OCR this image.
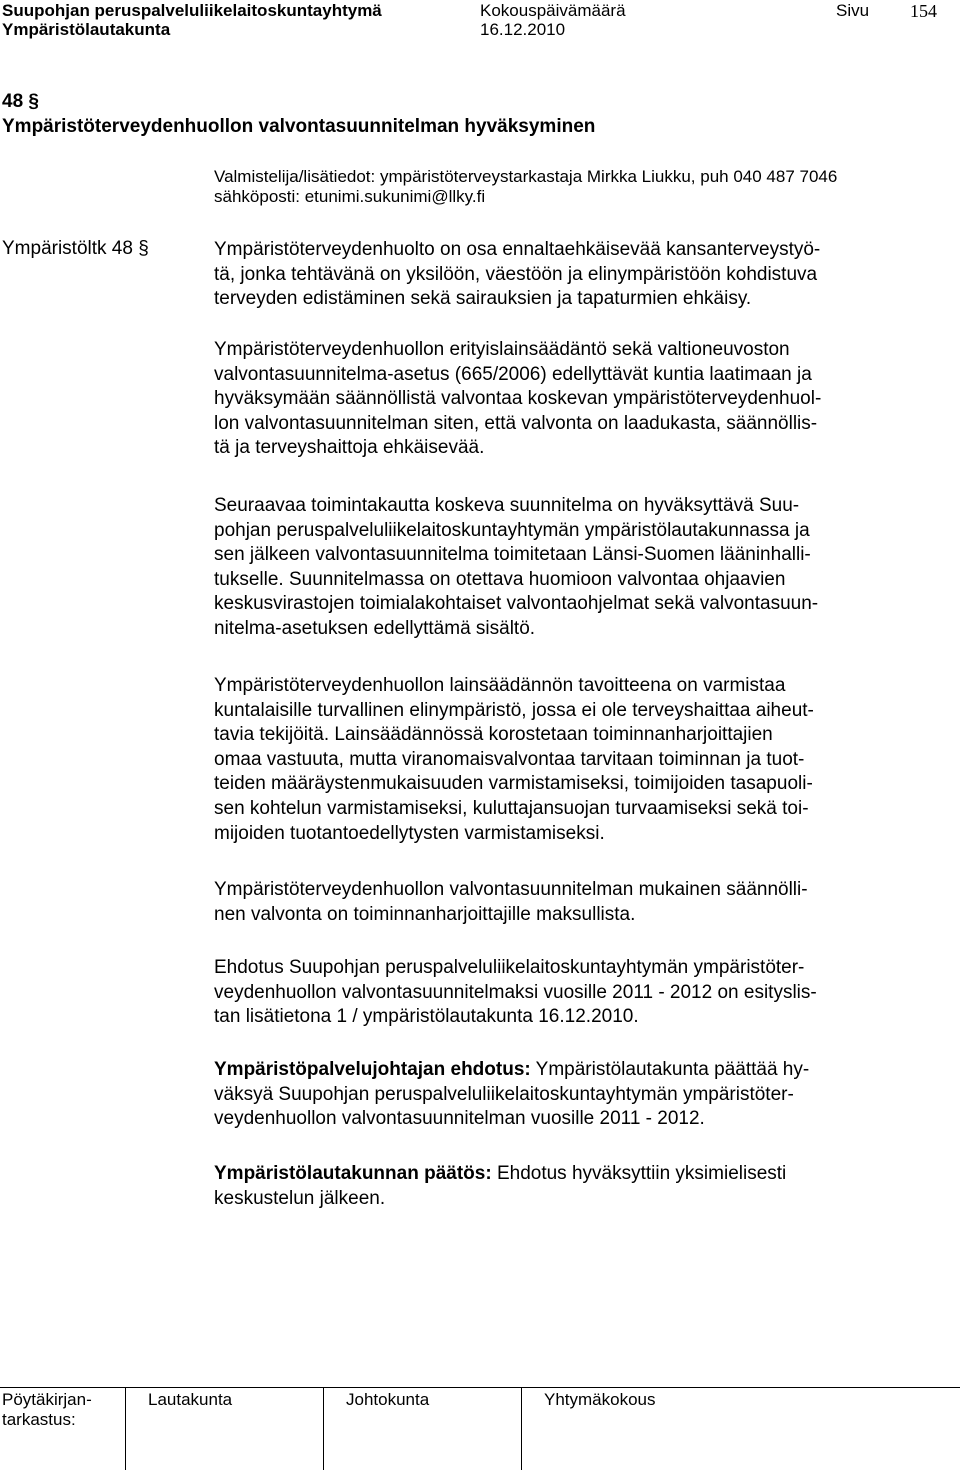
Suupohjan peruspalveluliikelaitoskuntayhtymä
Ympäristölautakunta
Kokouspäivämäärä
16.12.2010
Sivu 154
48 §
Ympäristöterveydenhuollon valvontasuunnitelman hyväksyminen
Valmistelija/lisätiedot: ympäristöterveystarkastaja Mirkka Liukku, puh 040 487 7046
sähköposti: etunimi.sukunimi@llky.fi
Ympäristöltk 48 §	Ympäristöterveydenhuolto on osa ennaltaehkäisevää kansanterveystyö-
tä, jonka tehtävänä on yksilöön, väestöön ja elinympäristöön kohdistuva
terveyden edistäminen sekä sairauksien ja tapaturmien ehkäisy.
Ympäristöterveydenhuollon erityislainsäädäntö sekä valtioneuvoston
valvontasuunnitelma-asetus (665/2006) edellyttävät kuntia laatimaan ja
hyväksymään säännöllistä valvontaa koskevan ympäristöterveydenhuol-
lon valvontasuunnitelman siten, että valvonta on laadukasta, säännöllis-
tä ja terveyshaittoja ehkäisevää.
Seuraavaa toimintakautta koskeva suunnitelma on hyväksyttävä Suu-
pohjan peruspalveluliikelaitoskuntayhtymän ympäristölautakunnassa ja
sen jälkeen valvontasuunnitelma toimitetaan Länsi-Suomen lääninhalli-
tukselle. Suunnitelmassa on otettava huomioon valvontaa ohjaavien
keskusvirastojen toimialakohtaiset valvontaohjelmat sekä valvontasuun-
nitelma-asetuksen edellyttämä sisältö.
Ympäristöterveydenhuollon lainsäädännön tavoitteena on varmistaa
kuntalaisille turvallinen elinympäristö, jossa ei ole terveyshaittaa aiheut-
tavia tekijöitä. Lainsäädännössä korostetaan toiminnanharjoittajien
omaa vastuuta, mutta viranomaisvalvontaa tarvitaan toiminnan ja tuot-
teiden määräystenmukaisuuden varmistamiseksi, toimijoiden tasapuoli-
sen kohtelun varmistamiseksi, kuluttajansuojan turvaamiseksi sekä toi-
mijoiden tuotantoedellytysten varmistamiseksi.
Ympäristöterveydenhuollon valvontasuunnitelman mukainen säännölli-
nen valvonta on toiminnanharjoittajille maksullista.
Ehdotus Suupohjan peruspalveluliikelaitoskuntayhtymän ympäristöter-
veydenhuollon valvontasuunnitelmaksi vuosille 2011 - 2012 on esityslis-
tan lisätietona 1 / ympäristölautakunta 16.12.2010.
Ympäristöpalvelujohtajan ehdotus: Ympäristölautakunta päättää hy-
väksyä Suupohjan peruspalveluliikelaitoskuntayhtymän ympäristöter-
veydenhuollon valvontasuunnitelman vuosille 2011 - 2012.
Ympäristölautakunnan päätös: Ehdotus hyväksyttiin yksimielisesti
keskustelun jälkeen.
Pöytäkirjan-
tarkastus:
Lautakunta	Johtokunta	Yhtymäkokous
